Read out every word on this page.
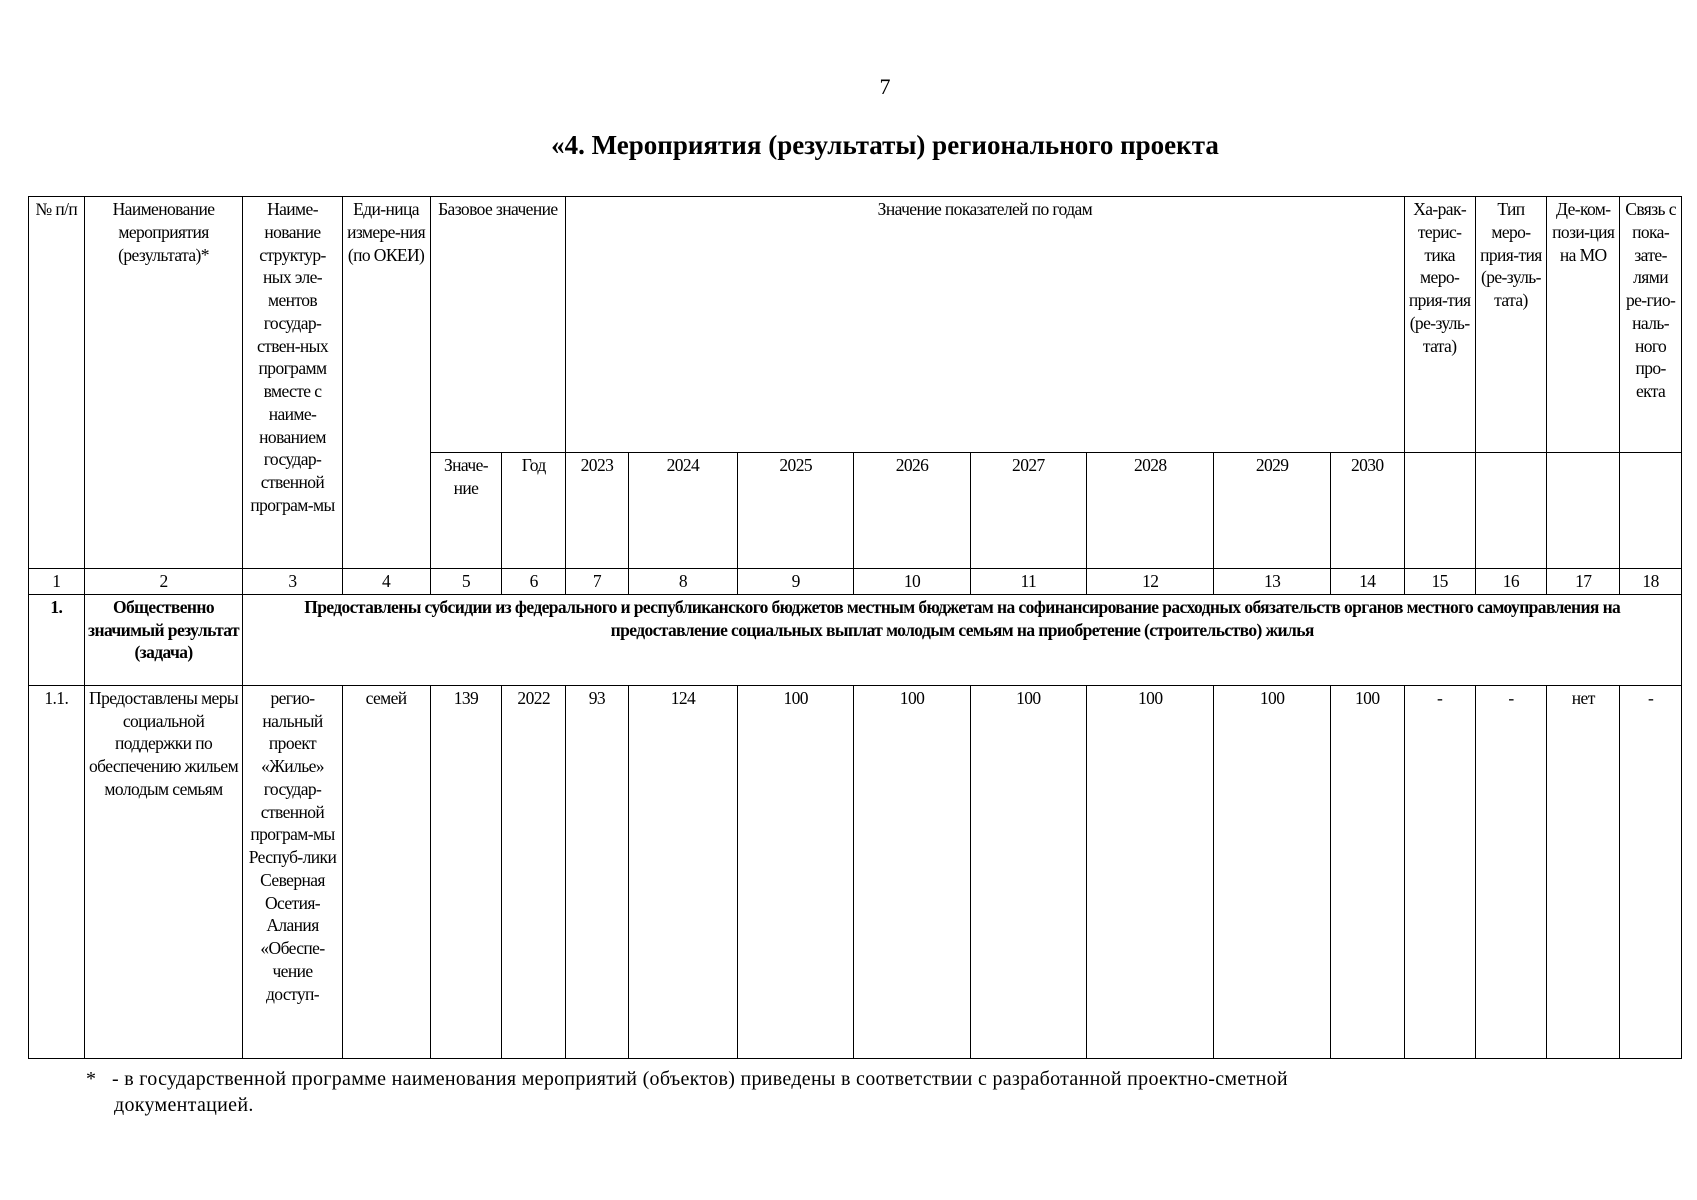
7
«4. Мероприятия (результаты) регионального проекта
№ п/п	Наименование мероприятия (результата)*	Наиме-нование структур-ных эле-ментов государ-ствен-ных программ вместе с наиме-нованием государ-ственной програм-мы	Еди-ница измере-ния (по ОКЕИ)	Базовое значение		Значение показателей по годам								Ха-рак-терис-тика меро-прия-тия (ре-зуль-тата)	Тип меро-прия-тия (ре-зуль-тата)	Де-ком-пози-ция на МО	Связь с пока-зате-лями ре-гио-наль-ного про-екта
				Значе-ние	Год	2023	2024	2025	2026	2027	2028	2029	2030				
1	2	3	4	5	6	7	8	9	10	11	12	13	14	15	16	17	18
1.	Общественно значимый результат (задача)	Предоставлены субсидии из федерального и республиканского бюджетов местным бюджетам на софинансирование расходных обязательств органов местного самоуправления на предоставление социальных выплат молодым семьям на приобретение (строительство) жилья															
1.1.	Предоставлены меры социальной поддержки по обеспечению жильем молодым семьям	регио-нальный проект «Жилье» государ-ственной програм-мы Респуб-лики Северная Осетия-Алания «Обеспе-чение доступ-	семей	139	2022	93	124	100	100	100	100	100	100	-	-	нет	-
* - в государственной программе наименования мероприятий (объектов) приведены в соответствии с разработанной проектно-сметной
документацией.
